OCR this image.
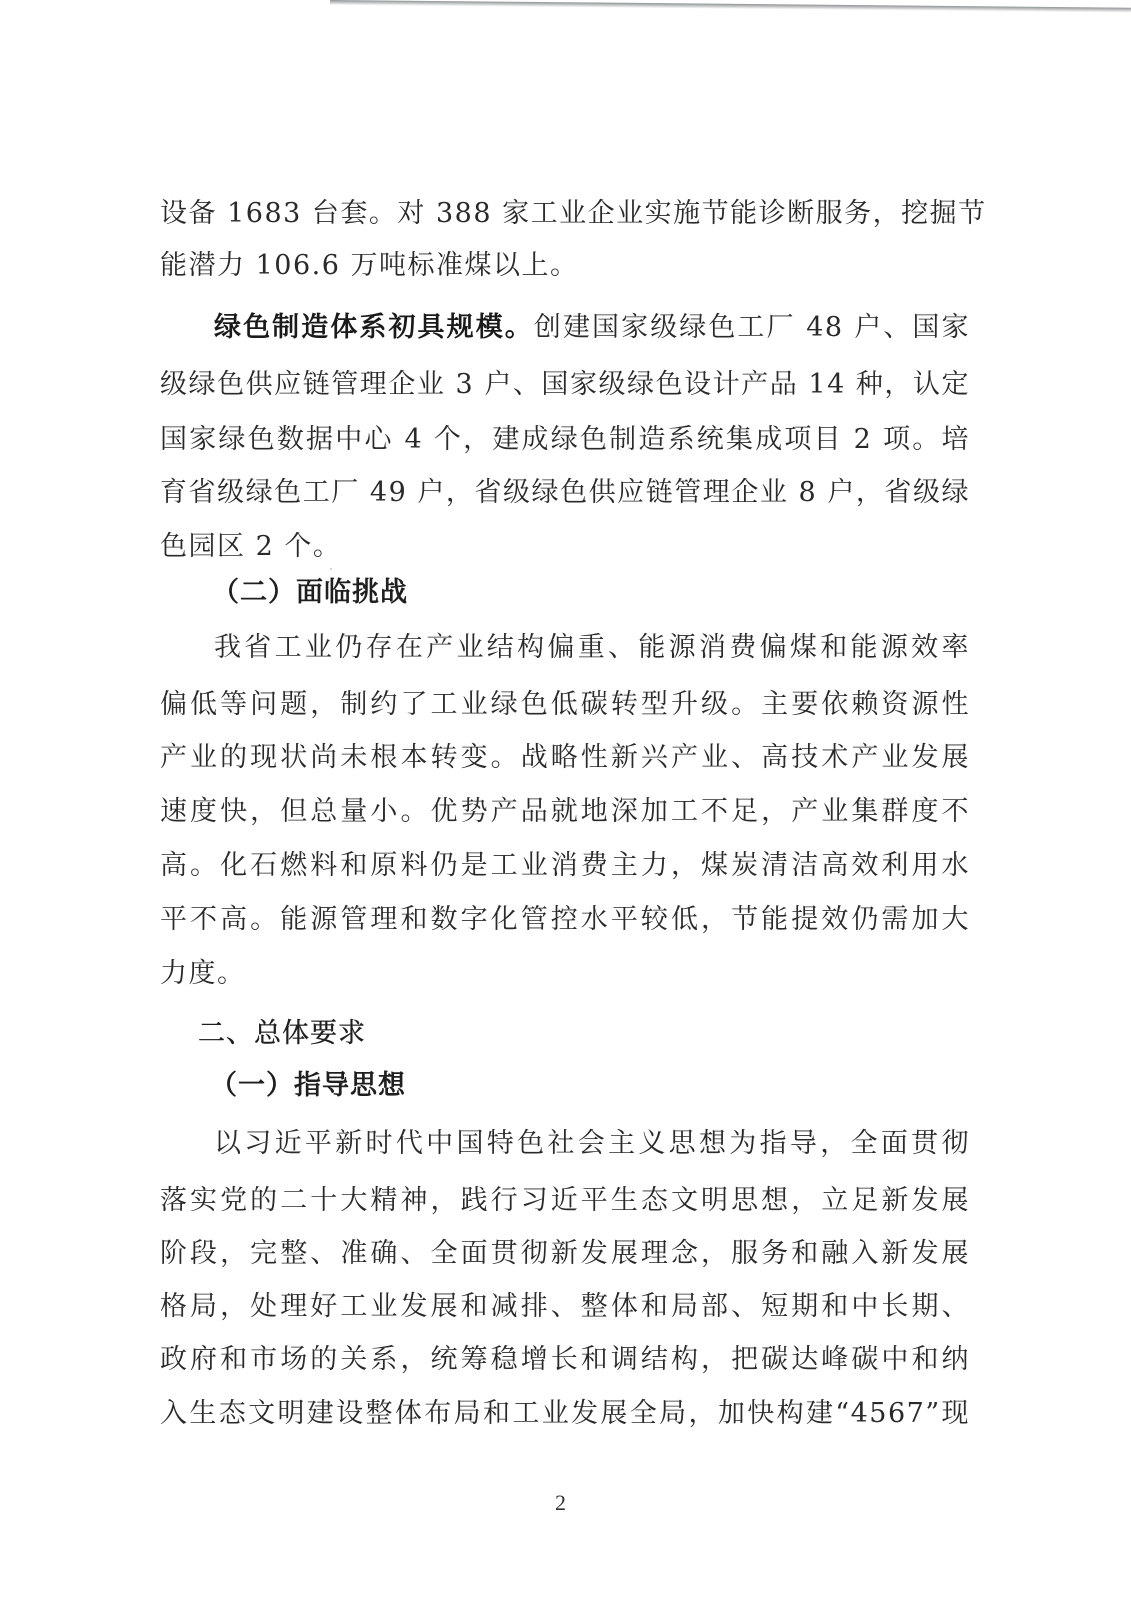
设备 1683 台套。对 388 家工业企业实施节能诊断服务，挖掘节
能潜力 106.6 万吨标准煤以上。
绿色制造体系初具规模。创建国家级绿色工厂 48 户、国家
级绿色供应链管理企业 3 户、国家级绿色设计产品 14 种，认定
国家绿色数据中心 4 个，建成绿色制造系统集成项目 2 项。培
育省级绿色工厂 49 户，省级绿色供应链管理企业 8 户，省级绿
色园区 2 个。
（二）面临挑战
我省工业仍存在产业结构偏重、能源消费偏煤和能源效率
偏低等问题，制约了工业绿色低碳转型升级。主要依赖资源性
产业的现状尚未根本转变。战略性新兴产业、高技术产业发展
速度快，但总量小。优势产品就地深加工不足，产业集群度不
高。化石燃料和原料仍是工业消费主力，煤炭清洁高效利用水
平不高。能源管理和数字化管控水平较低，节能提效仍需加大
力度。
二、总体要求
（一）指导思想
以习近平新时代中国特色社会主义思想为指导，全面贯彻
落实党的二十大精神，践行习近平生态文明思想，立足新发展
阶段，完整、准确、全面贯彻新发展理念，服务和融入新发展
格局，处理好工业发展和减排、整体和局部、短期和中长期、
政府和市场的关系，统筹稳增长和调结构，把碳达峰碳中和纳
入生态文明建设整体布局和工业发展全局，加快构建“4567”现
2
